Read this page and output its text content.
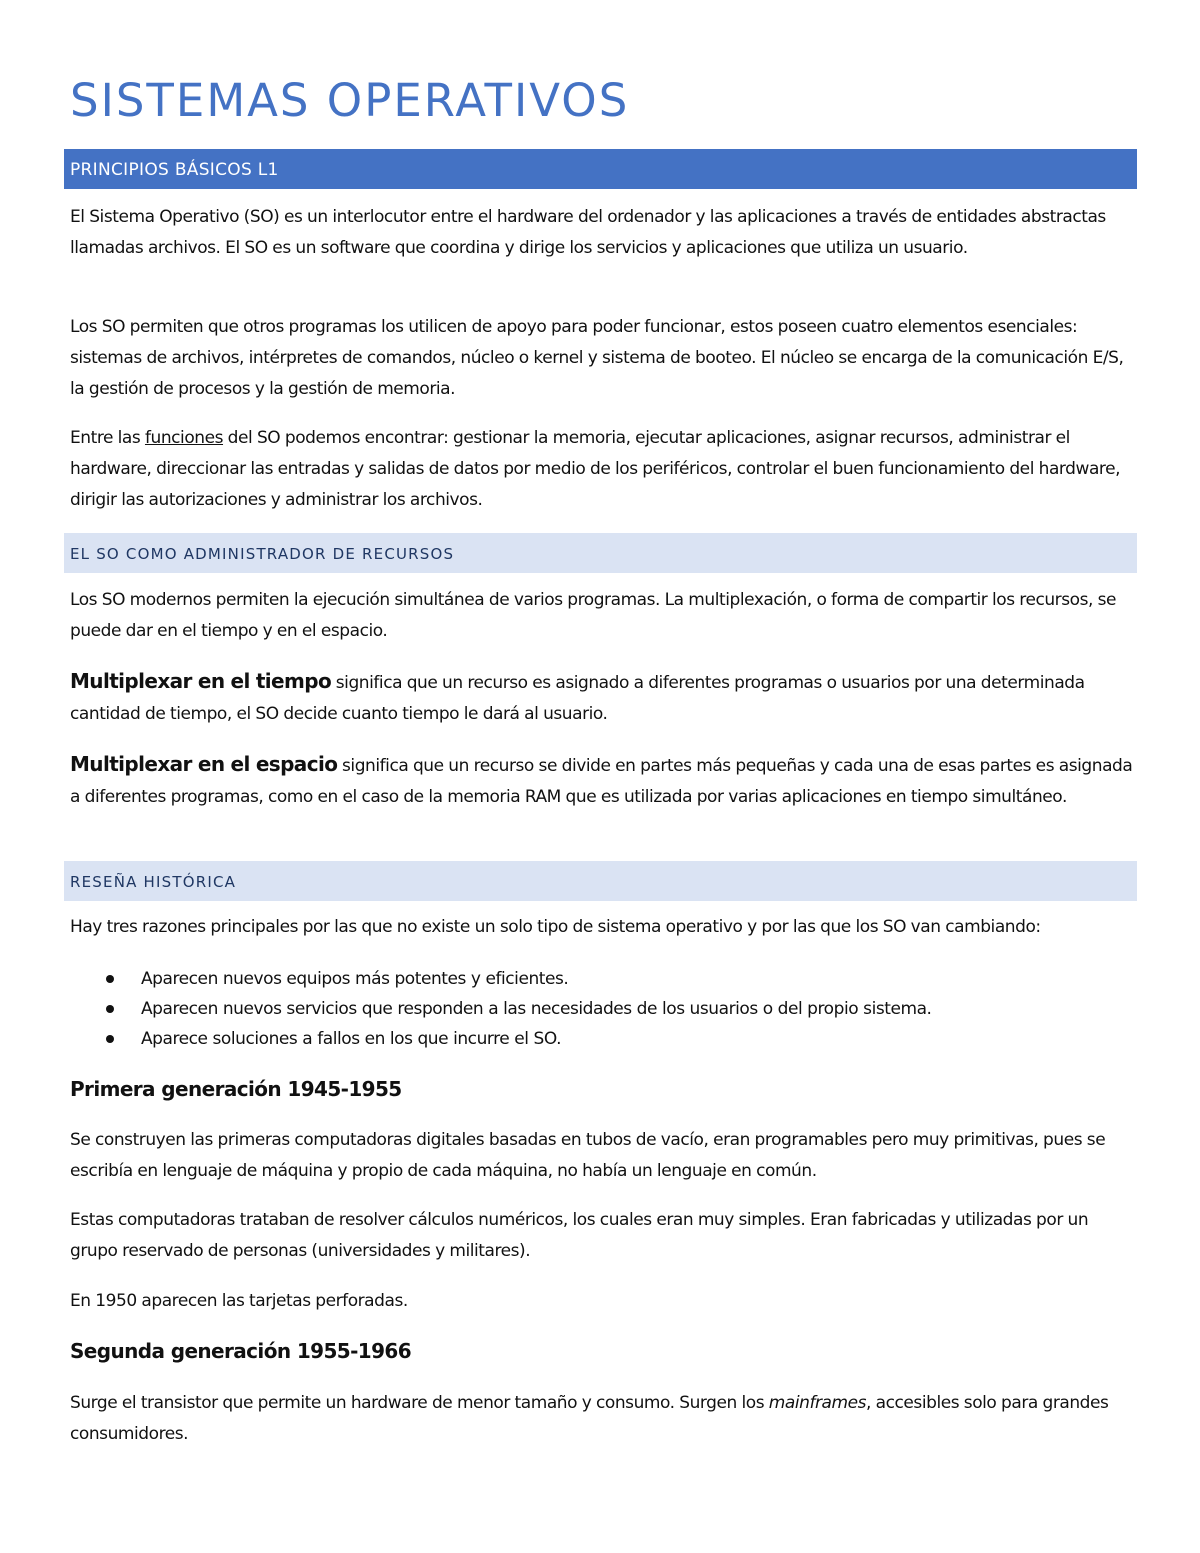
SISTEMAS OPERATIVOS
PRINCIPIOS BÁSICOS L1

El Sistema Operativo (SO) es un interlocutor entre el hardware del ordenador y las aplicaciones a través de entidades abstractas llamadas archivos. El SO es un software que coordina y dirige los servicios y aplicaciones que utiliza un usuario.

Los SO permiten que otros programas los utilicen de apoyo para poder funcionar, estos poseen cuatro elementos esenciales: sistemas de archivos, intérpretes de comandos, núcleo o kernel y sistema de booteo. El núcleo se encarga de la comunicación E/S, la gestión de procesos y la gestión de memoria.

Entre las funciones del SO podemos encontrar: gestionar la memoria, ejecutar aplicaciones, asignar recursos, administrar el hardware, direccionar las entradas y salidas de datos por medio de los periféricos, controlar el buen funcionamiento del hardware, dirigir las autorizaciones y administrar los archivos.

EL SO COMO ADMINISTRADOR DE RECURSOS

Los SO modernos permiten la ejecución simultánea de varios programas. La multiplexación, o forma de compartir los recursos, se puede dar en el tiempo y en el espacio.

Multiplexar en el tiempo significa que un recurso es asignado a diferentes programas o usuarios por una determinada cantidad de tiempo, el SO decide cuanto tiempo le dará al usuario.

Multiplexar en el espacio significa que un recurso se divide en partes más pequeñas y cada una de esas partes es asignada a diferentes programas, como en el caso de la memoria RAM que es utilizada por varias aplicaciones en tiempo simultáneo.

RESEÑA HISTÓRICA

Hay tres razones principales por las que no existe un solo tipo de sistema operativo y por las que los SO van cambiando:

Aparecen nuevos equipos más potentes y eficientes.
Aparecen nuevos servicios que responden a las necesidades de los usuarios o del propio sistema.
Aparece soluciones a fallos en los que incurre el SO.
Primera generación 1945-1955

Se construyen las primeras computadoras digitales basadas en tubos de vacío, eran programables pero muy primitivas, pues se escribía en lenguaje de máquina y propio de cada máquina, no había un lenguaje en común.

Estas computadoras trataban de resolver cálculos numéricos, los cuales eran muy simples. Eran fabricadas y utilizadas por un grupo reservado de personas (universidades y militares).

En 1950 aparecen las tarjetas perforadas.

Segunda generación 1955-1966

Surge el transistor que permite un hardware de menor tamaño y consumo. Surgen los mainframes, accesibles solo para grandes consumidores.
